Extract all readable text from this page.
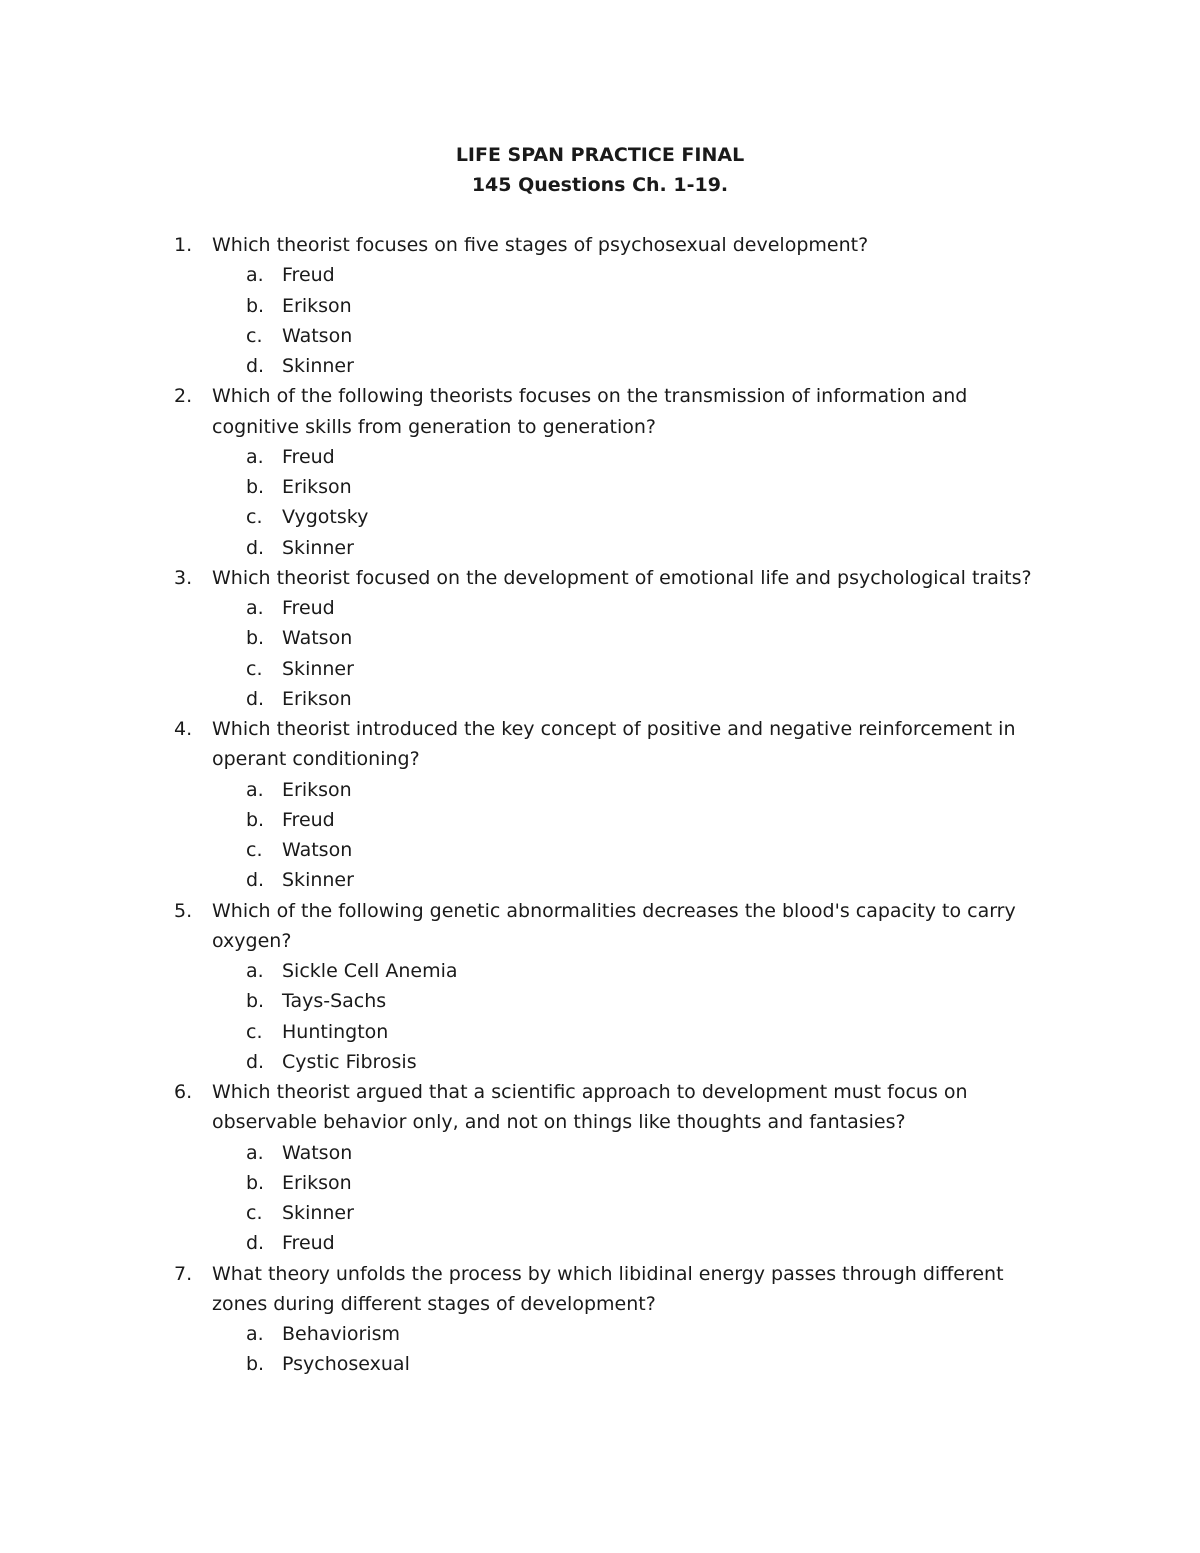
LIFE SPAN PRACTICE FINAL
145 Questions Ch. 1-19.
1.	Which theorist focuses on five stages of psychosexual development?
a. Freud
b. Erikson
c.	Watson
d. Skinner
2.	Which of the following theorists focuses on the transmission of information and cognitive skills from generation to generation?
a. Freud
b. Erikson
c.	Vygotsky
d. Skinner
3.	Which theorist focused on the development of emotional life and psychological traits?
a. Freud
b. Watson
c.	Skinner
d. Erikson
4.	Which theorist introduced the key concept of positive and negative reinforcement in operant conditioning?
a. Erikson
b. Freud
c.	Watson
d. Skinner
5.	Which of the following genetic abnormalities decreases the blood's capacity to carry oxygen?
a. Sickle Cell Anemia
b. Tays-Sachs
c.	Huntington
d. Cystic Fibrosis
6.	Which theorist argued that a scientific approach to development must focus on observable behavior only, and not on things like thoughts and fantasies?
a. Watson
b. Erikson
c.	Skinner
d. Freud
7.	What theory unfolds the process by which libidinal energy passes through different zones during different stages of development?
a. Behaviorism
b. Psychosexual
